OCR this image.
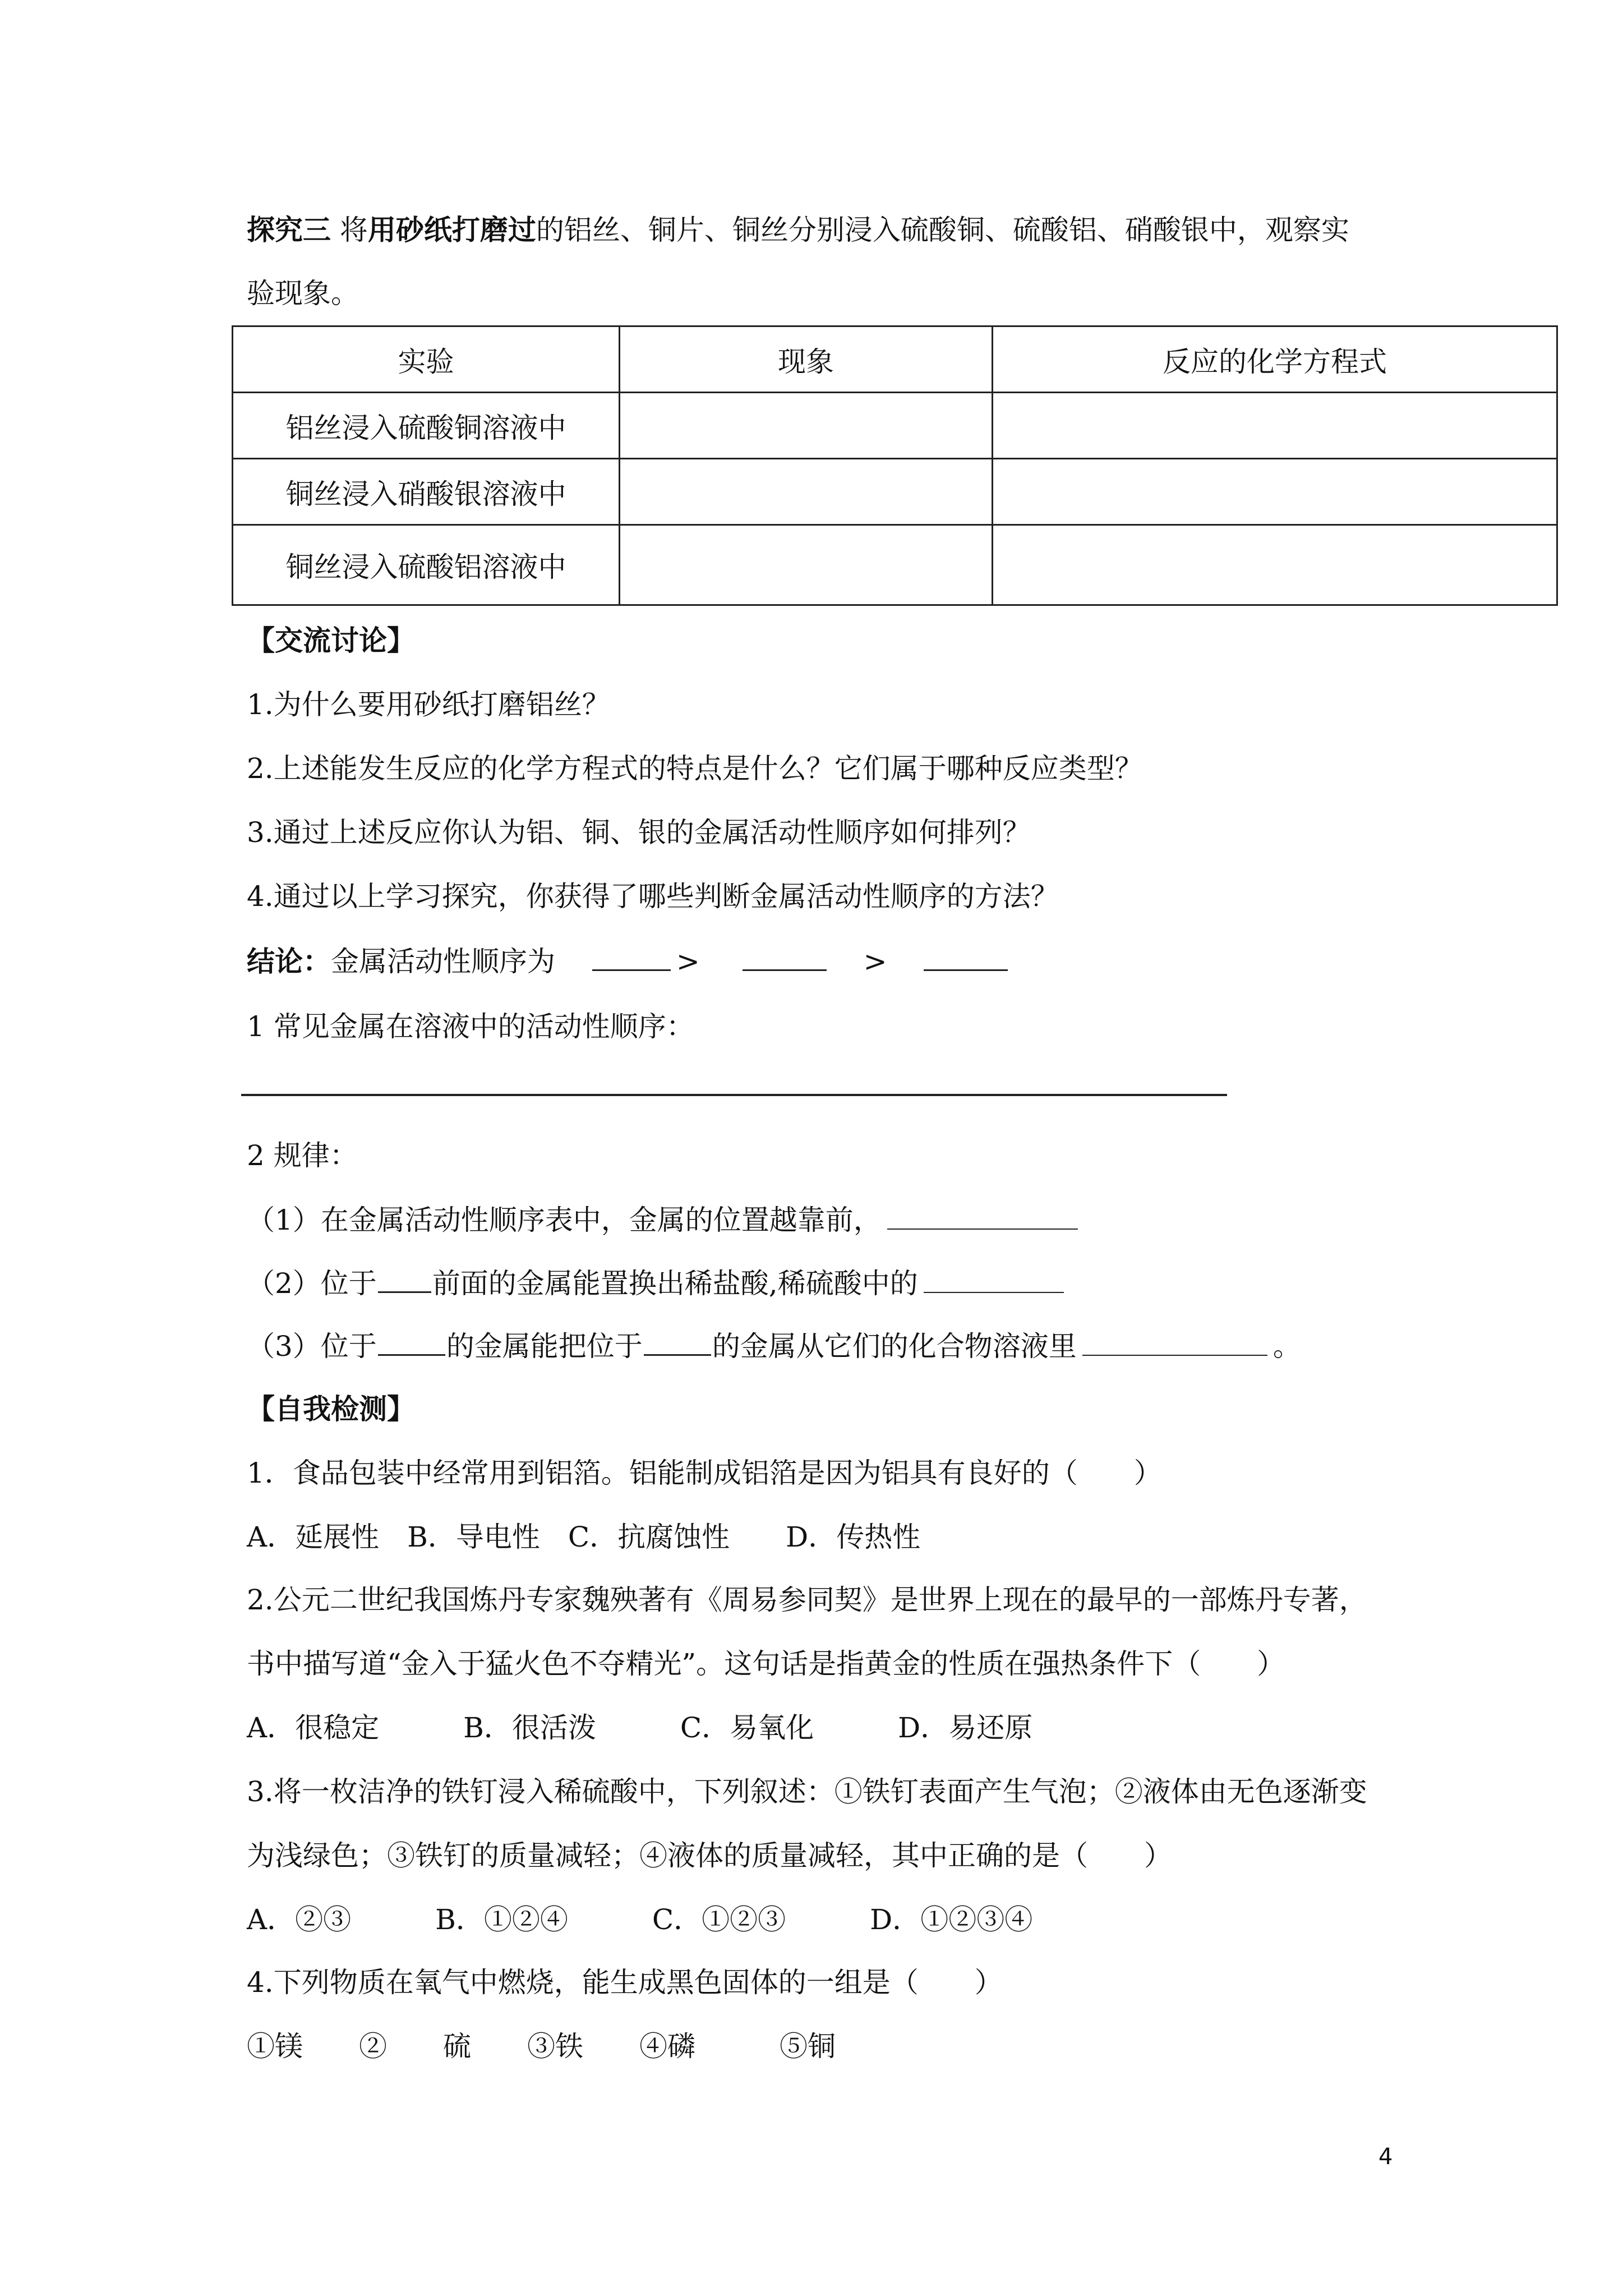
探究三 将用砂纸打磨过的铝丝、铜片、铜丝分别浸入硫酸铜、硫酸铝、硝酸银中，观察实
验现象。
实验	现象	反应的化学方程式
铝丝浸入硫酸铜溶液中		
铜丝浸入硝酸银溶液中		
铜丝浸入硫酸铝溶液中		
【交流讨论】
1.为什么要用砂纸打磨铝丝？
2.上述能发生反应的化学方程式的特点是什么？它们属于哪种反应类型？
3.通过上述反应你认为铝、铜、银的金属活动性顺序如何排列？
4.通过以上学习探究，你获得了哪些判断金属活动性顺序的方法？
结论：金属活动性顺序为	>	>
1 常见金属在溶液中的活动性顺序：
2 规律：
（1）在金属活动性顺序表中，金属的位置越靠前，
（2）位于 前面的金属能置换出稀盐酸,稀硫酸中的
（3）位于 的金属能把位于 的金属从它们的化合物溶液里	。
【自我检测】
1．食品包装中经常用到铝箔。铝能制成铝箔是因为铝具有良好的（　　）
A．延展性　B．导电性　C．抗腐蚀性　　D．传热性
2.公元二世纪我国炼丹专家魏殃著有《周易参同契》是世界上现在的最早的一部炼丹专著，
书中描写道“金入于猛火色不夺精光”。这句话是指黄金的性质在强热条件下（　　）
A．很稳定　　　B．很活泼　　　C．易氧化　　　D．易还原
3.将一枚洁净的铁钉浸入稀硫酸中，下列叙述：①铁钉表面产生气泡；②液体由无色逐渐变
为浅绿色；③铁钉的质量减轻；④液体的质量减轻，其中正确的是（　　）
A．②③　　　B．①②④　　　C．①②③　　　D．①②③④
4.下列物质在氧气中燃烧，能生成黑色固体的一组是（　　）
①镁　　②　　硫　　③铁　　④磷　　　⑤铜
4
